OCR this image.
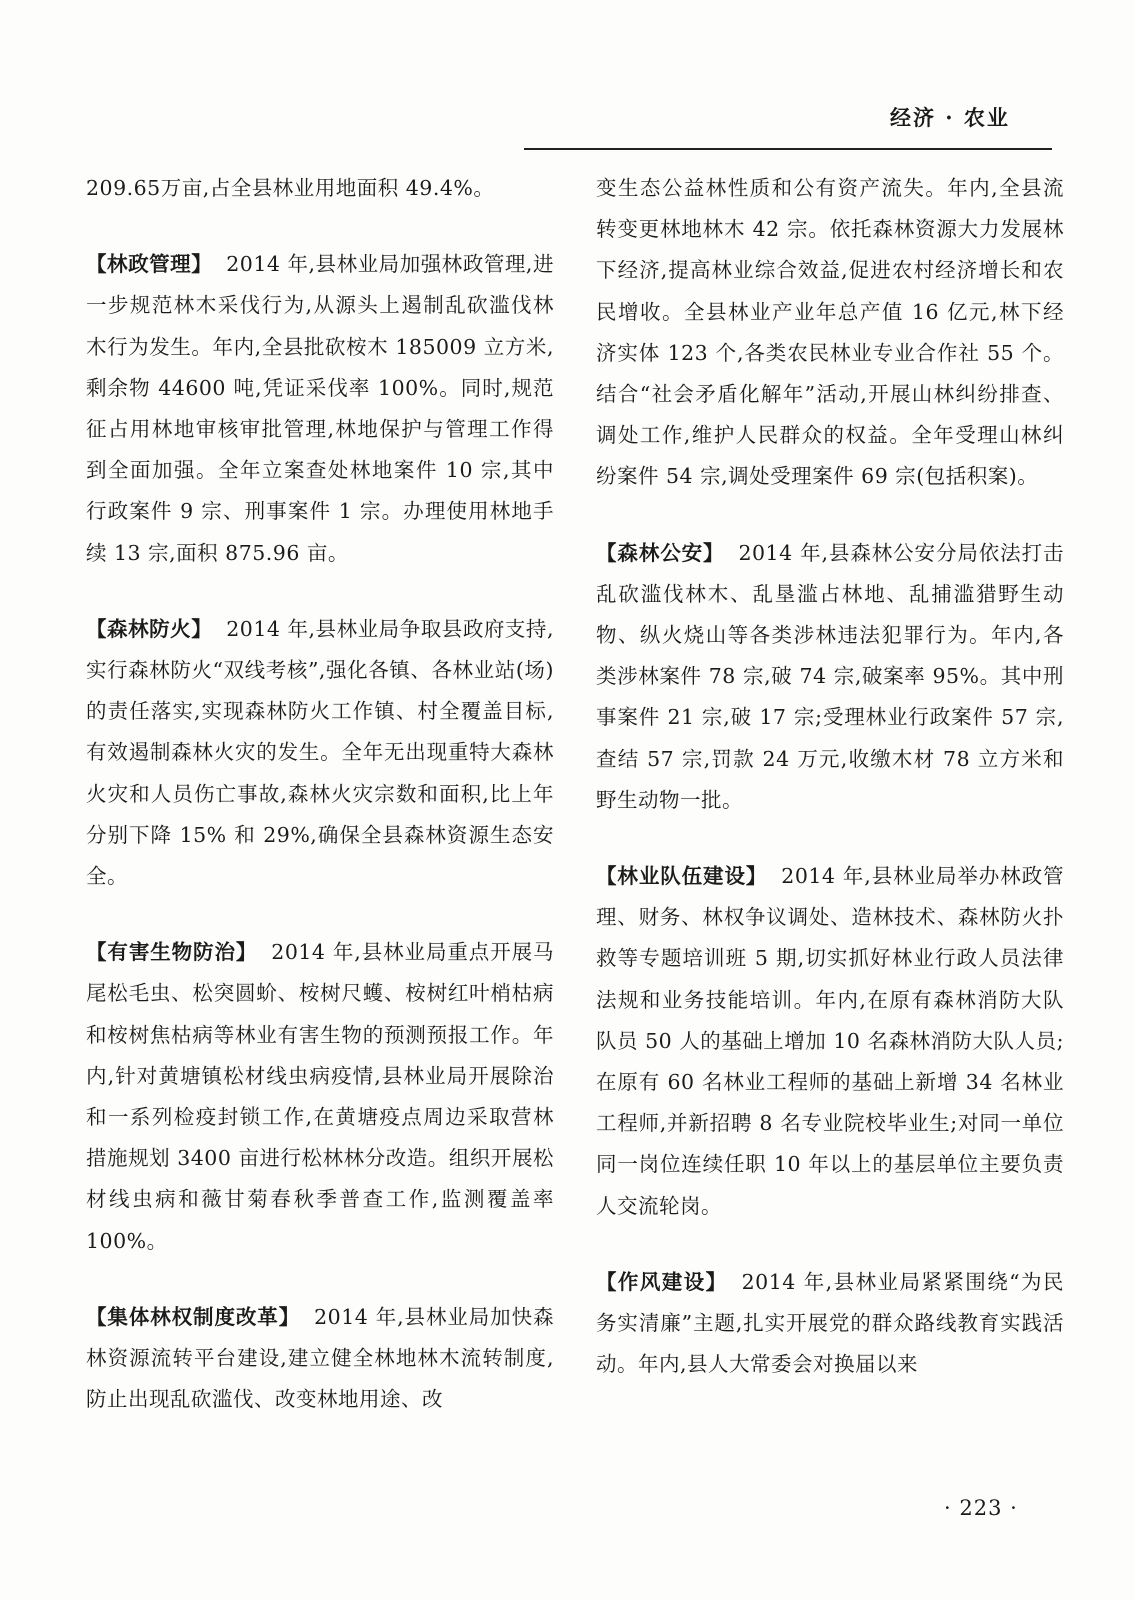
经济 · 农业

209.65万亩,占全县林业用地面积 49.4%。

【林政管理】 2014 年,县林业局加强林政管理,进一步规范林木采伐行为,从源头上遏制乱砍滥伐林木行为发生。年内,全县批砍桉木 185009 立方米,剩余物 44600 吨,凭证采伐率 100%。同时,规范征占用林地审核审批管理,林地保护与管理工作得到全面加强。全年立案查处林地案件 10 宗,其中行政案件 9 宗、刑事案件 1 宗。办理使用林地手续 13 宗,面积 875.96 亩。

【森林防火】 2014 年,县林业局争取县政府支持,实行森林防火“双线考核”,强化各镇、各林业站(场)的责任落实,实现森林防火工作镇、村全覆盖目标,有效遏制森林火灾的发生。全年无出现重特大森林火灾和人员伤亡事故,森林火灾宗数和面积,比上年分别下降 15% 和 29%,确保全县森林资源生态安全。

【有害生物防治】 2014 年,县林业局重点开展马尾松毛虫、松突圆蚧、桉树尺蠖、桉树红叶梢枯病和桉树焦枯病等林业有害生物的预测预报工作。年内,针对黄塘镇松材线虫病疫情,县林业局开展除治和一系列检疫封锁工作,在黄塘疫点周边采取营林措施规划 3400 亩进行松林林分改造。组织开展松材线虫病和薇甘菊春秋季普查工作,监测覆盖率 100%。

【集体林权制度改革】 2014 年,县林业局加快森林资源流转平台建设,建立健全林地林木流转制度,防止出现乱砍滥伐、改变林地用途、改

变生态公益林性质和公有资产流失。年内,全县流转变更林地林木 42 宗。依托森林资源大力发展林下经济,提高林业综合效益,促进农村经济增长和农民增收。全县林业产业年总产值 16 亿元,林下经济实体 123 个,各类农民林业专业合作社 55 个。结合“社会矛盾化解年”活动,开展山林纠纷排查、调处工作,维护人民群众的权益。全年受理山林纠纷案件 54 宗,调处受理案件 69 宗(包括积案)。

【森林公安】 2014 年,县森林公安分局依法打击乱砍滥伐林木、乱垦滥占林地、乱捕滥猎野生动物、纵火烧山等各类涉林违法犯罪行为。年内,各类涉林案件 78 宗,破 74 宗,破案率 95%。其中刑事案件 21 宗,破 17 宗;受理林业行政案件 57 宗,查结 57 宗,罚款 24 万元,收缴木材 78 立方米和野生动物一批。

【林业队伍建设】 2014 年,县林业局举办林政管理、财务、林权争议调处、造林技术、森林防火扑救等专题培训班 5 期,切实抓好林业行政人员法律法规和业务技能培训。年内,在原有森林消防大队队员 50 人的基础上增加 10 名森林消防大队人员;在原有 60 名林业工程师的基础上新增 34 名林业工程师,并新招聘 8 名专业院校毕业生;对同一单位同一岗位连续任职 10 年以上的基层单位主要负责人交流轮岗。

【作风建设】 2014 年,县林业局紧紧围绕“为民务实清廉”主题,扎实开展党的群众路线教育实践活动。年内,县人大常委会对换届以来

· 223 ·
